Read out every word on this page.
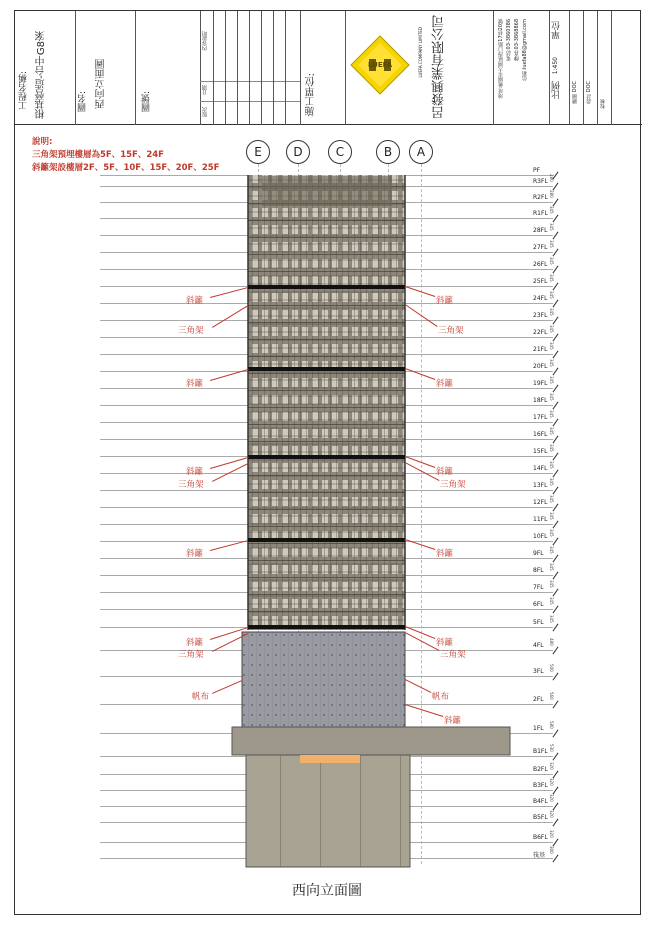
工程名稱: 根基營造-台中G8案	圖名: 西向立面圖	圖號:	版次
日期
內容說明
施工單位:
LUEFA	LUEFA COMPANY LIMITED 呂發興業有限公司	地址:桃園市大園區海口路17巷20號 電話:03-3860386 傳真:03-3868868 信箱:luefa88@gmail.com
比例
1:450
單位
繪圖 DOC 設計 DOC
校核
說明:
三角架預埋樓層為5F、15F、24F
斜籬架設樓層2F、5F、10F、15F、20F、25F
E	D	C	B	A
PF
R3FL 280
R2FL 280
R1FL 345
28FL 345
27FL 345
26FL 345
25FL 345
24FL 345
23FL 345
22FL 345
21FL 345
20FL 345
19FL 345
18FL 345
17FL 345
16FL 345
15FL 345
14FL 345
13FL 345
12FL 345
11FL 345
10FL 345
9FL 345
8FL 345
7FL 345
6FL 345
5FL 345
4FL 480
3FL 500
2FL 560
1FL 580
B1FL 530
B2FL 320
B3FL 320
B4FL 320
B5FL 320
B6FL 320
筏基
300
斜籬	斜籬
三角架	三角架
斜籬	斜籬
斜籬	斜籬
三角架	三角架
斜籬	斜籬
斜籬	斜籬
三角架	三角架
帆布	帆布
斜籬
西向立面圖
